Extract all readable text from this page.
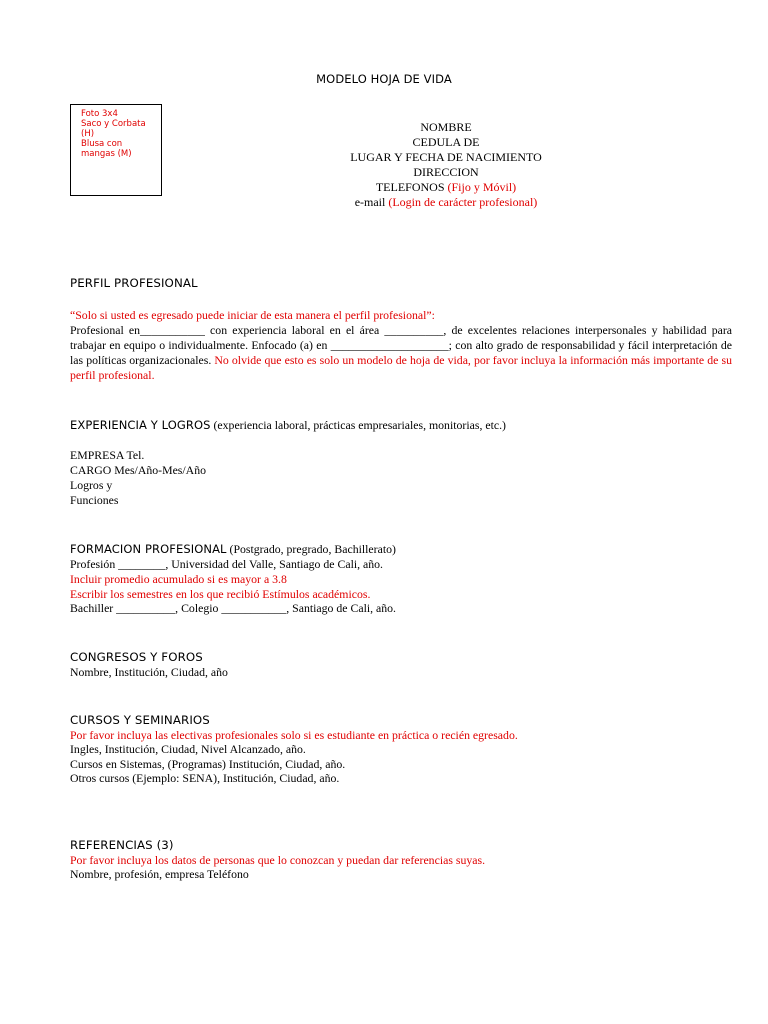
MODELO HOJA DE VIDA
Foto 3x4
Saco y Corbata
(H)
Blusa con
mangas (M)
NOMBRE
CEDULA DE
LUGAR Y FECHA DE NACIMIENTO
DIRECCION
TELEFONOS (Fijo y Móvil)
e-mail (Login de carácter profesional)
PERFIL PROFESIONAL
“Solo si usted es egresado puede iniciar de esta manera el perfil profesional”:
Profesional en___________ con experiencia laboral en el área __________, de excelentes relaciones interpersonales y habilidad para trabajar en equipo o individualmente. Enfocado (a) en ____________________; con alto grado de responsabilidad y fácil interpretación de las políticas organizacionales. No olvide que esto es solo un modelo de hoja de vida, por favor incluya la información más importante de su perfil profesional.
EXPERIENCIA Y LOGROS (experiencia laboral, prácticas empresariales, monitorias, etc.)
EMPRESA Tel.
CARGO Mes/Año-Mes/Año
Logros y
Funciones
FORMACION PROFESIONAL (Postgrado, pregrado, Bachillerato)
Profesión ________, Universidad del Valle, Santiago de Cali, año.
Incluir promedio acumulado si es mayor a 3.8
Escribir los semestres en los que recibió Estímulos académicos.
Bachiller __________, Colegio ___________, Santiago de Cali, año.
CONGRESOS Y FOROS
Nombre, Institución, Ciudad, año
CURSOS Y SEMINARIOS
Por favor incluya las electivas profesionales solo si es estudiante en práctica o recién egresado.
Ingles, Institución, Ciudad, Nivel Alcanzado, año.
Cursos en Sistemas, (Programas) Institución, Ciudad, año.
Otros cursos (Ejemplo: SENA), Institución, Ciudad, año.
REFERENCIAS (3)
Por favor incluya los datos de personas que lo conozcan y puedan dar referencias suyas.
Nombre, profesión, empresa Teléfono
